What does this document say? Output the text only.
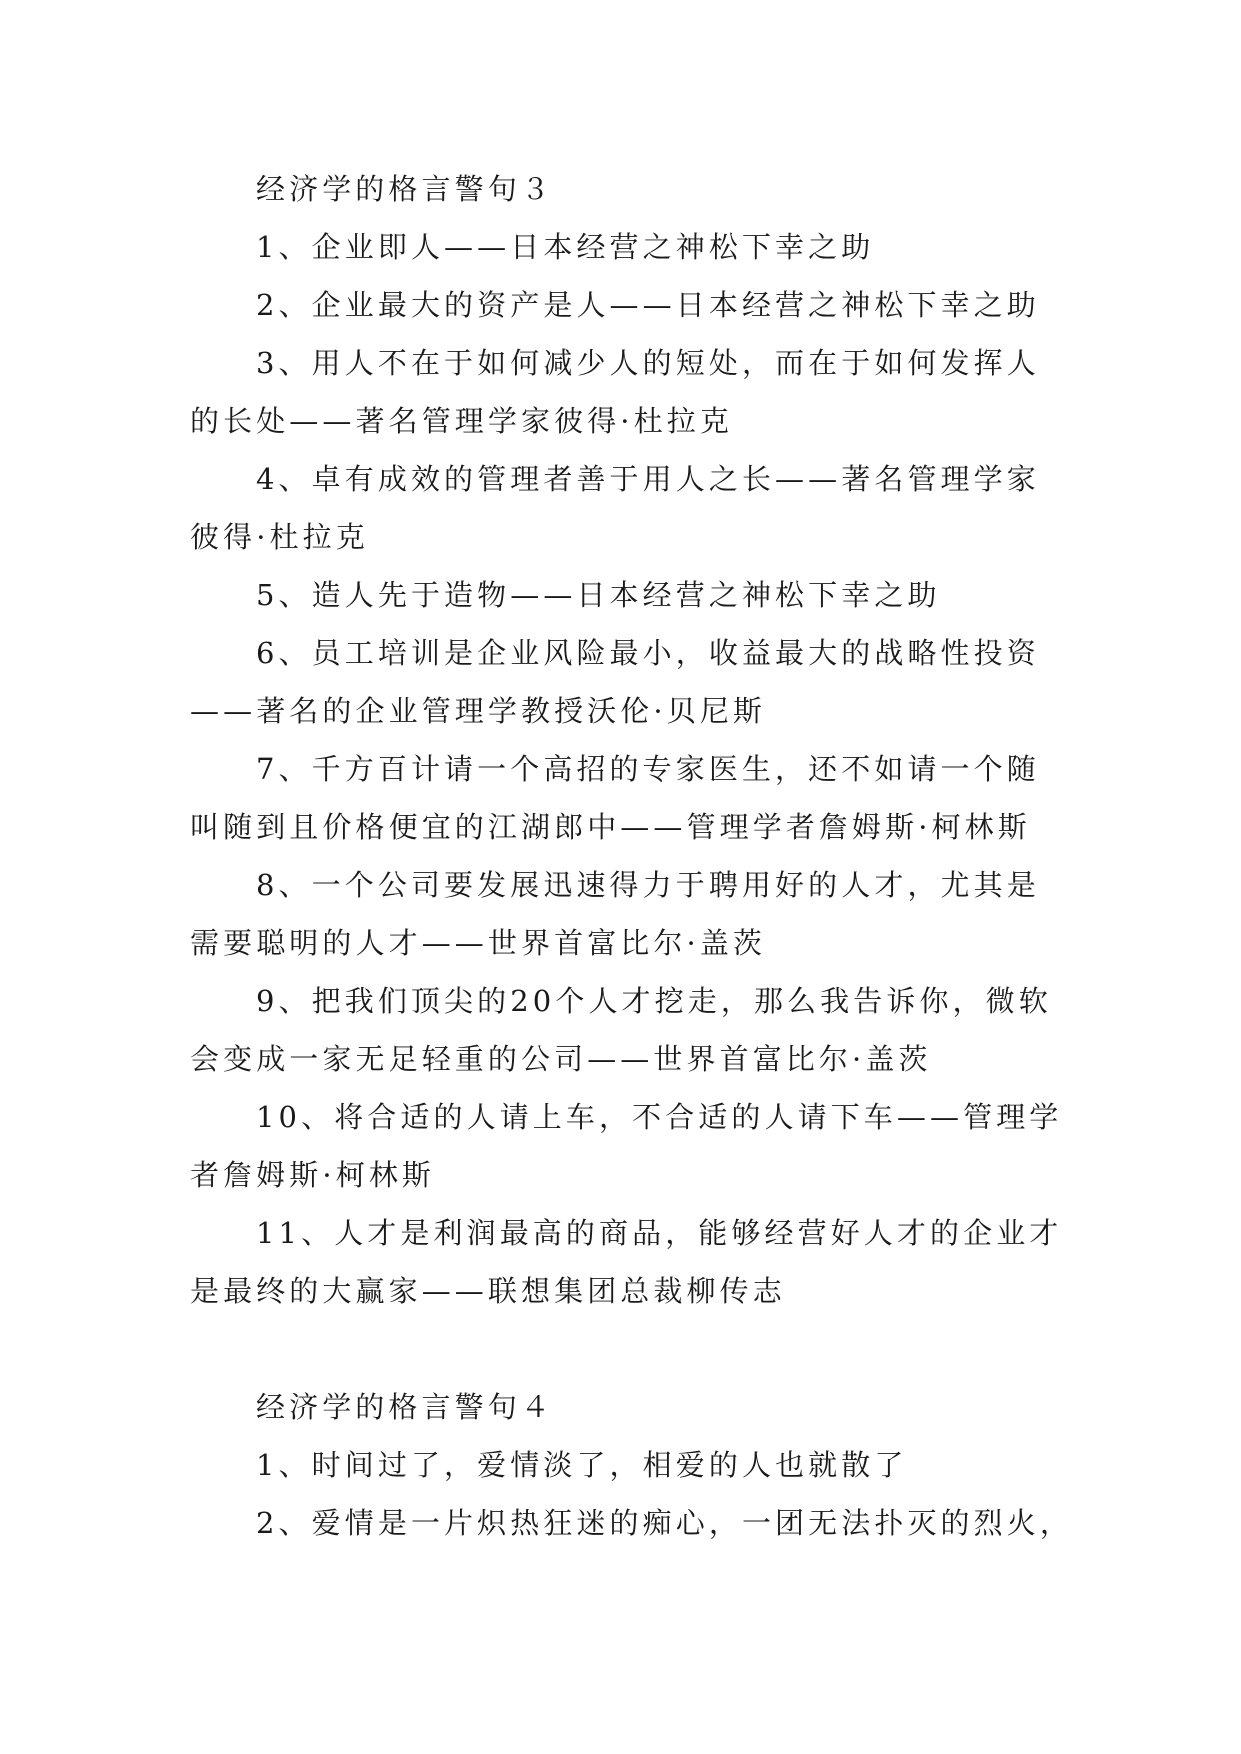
经济学的格言警句３

1、企业即人——日本经营之神松下幸之助

2、企业最大的资产是人——日本经营之神松下幸之助

3、用人不在于如何减少人的短处，而在于如何发挥人

的长处——著名管理学家彼得·杜拉克

4、卓有成效的管理者善于用人之长——著名管理学家

彼得·杜拉克

5、造人先于造物——日本经营之神松下幸之助

6、员工培训是企业风险最小，收益最大的战略性投资

——著名的企业管理学教授沃伦·贝尼斯

7、千方百计请一个高招的专家医生，还不如请一个随

叫随到且价格便宜的江湖郎中——管理学者詹姆斯·柯林斯

8、一个公司要发展迅速得力于聘用好的人才，尤其是

需要聪明的人才——世界首富比尔·盖茨

9、把我们顶尖的20个人才挖走，那么我告诉你，微软

会变成一家无足轻重的公司——世界首富比尔·盖茨

10、将合适的人请上车，不合适的人请下车——管理学

者詹姆斯·柯林斯

11、人才是利润最高的商品，能够经营好人才的企业才

是最终的大赢家——联想集团总裁柳传志

经济学的格言警句４

1、时间过了，爱情淡了，相爱的人也就散了

2、爱情是一片炽热狂迷的痴心，一团无法扑灭的烈火，
